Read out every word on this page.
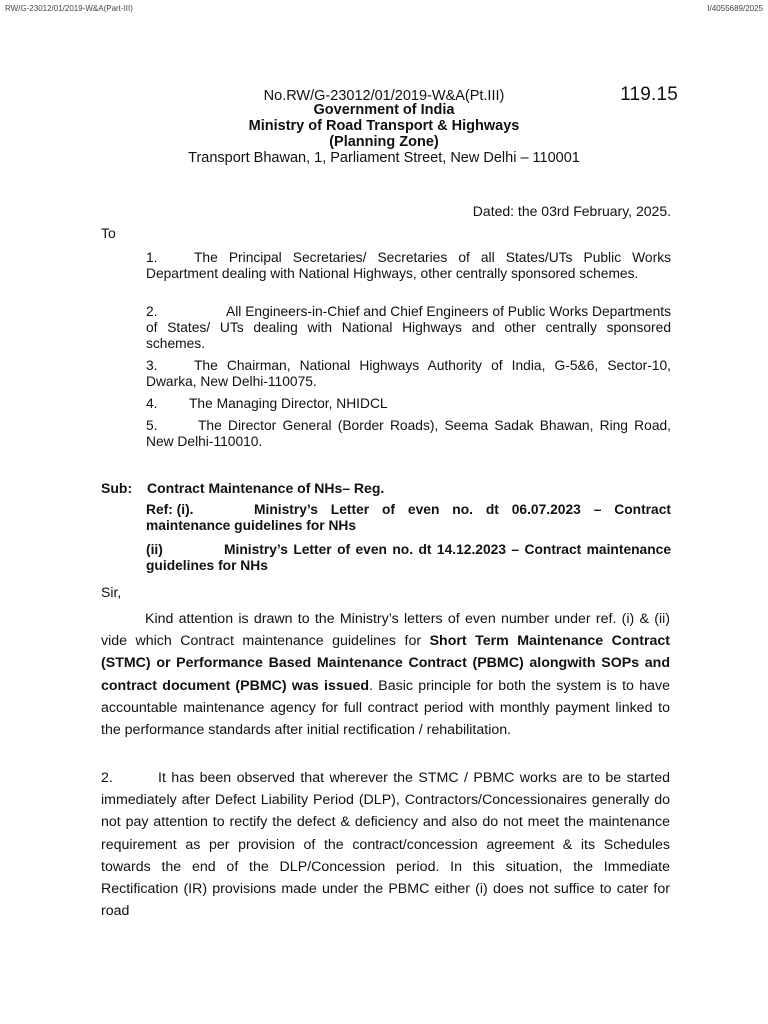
RW/G-23012/01/2019-W&A(Part-III)	I/4055689/2025
119.15
No.RW/G-23012/01/2019-W&A(Pt.III)
Government of India
Ministry of Road Transport & Highways
(Planning Zone)
Transport Bhawan, 1, Parliament Street, New Delhi – 110001
Dated: the 03rd February, 2025.
To
1.	The Principal Secretaries/ Secretaries of all States/UTs Public Works Department dealing with National Highways, other centrally sponsored schemes.
2.	All Engineers-in-Chief and Chief Engineers of Public Works Departments of States/ UTs dealing with National Highways and other centrally sponsored schemes.
3.	The Chairman, National Highways Authority of India, G-5&6, Sector-10, Dwarka, New Delhi-110075.
4. The Managing Director, NHIDCL
5.	The Director General (Border Roads), Seema Sadak Bhawan, Ring Road, New Delhi-110010.
Sub: Contract Maintenance of NHs– Reg.
Ref: (i).	Ministry’s Letter of even no. dt 06.07.2023 – Contract maintenance guidelines for NHs
(ii)	Ministry’s Letter of even no. dt 14.12.2023 – Contract maintenance guidelines for NHs
Sir,
Kind attention is drawn to the Ministry’s letters of even number under ref. (i) & (ii) vide which Contract maintenance guidelines for Short Term Maintenance Contract (STMC) or Performance Based Maintenance Contract (PBMC) alongwith SOPs and contract document (PBMC) was issued. Basic principle for both the system is to have accountable maintenance agency for full contract period with monthly payment linked to the performance standards after initial rectification / rehabilitation.
2.	It has been observed that wherever the STMC / PBMC works are to be started immediately after Defect Liability Period (DLP), Contractors/Concessionaires generally do not pay attention to rectify the defect & deficiency and also do not meet the maintenance requirement as per provision of the contract/concession agreement & its Schedules towards the end of the DLP/Concession period. In this situation, the Immediate Rectification (IR) provisions made under the PBMC either (i) does not suffice to cater for road
